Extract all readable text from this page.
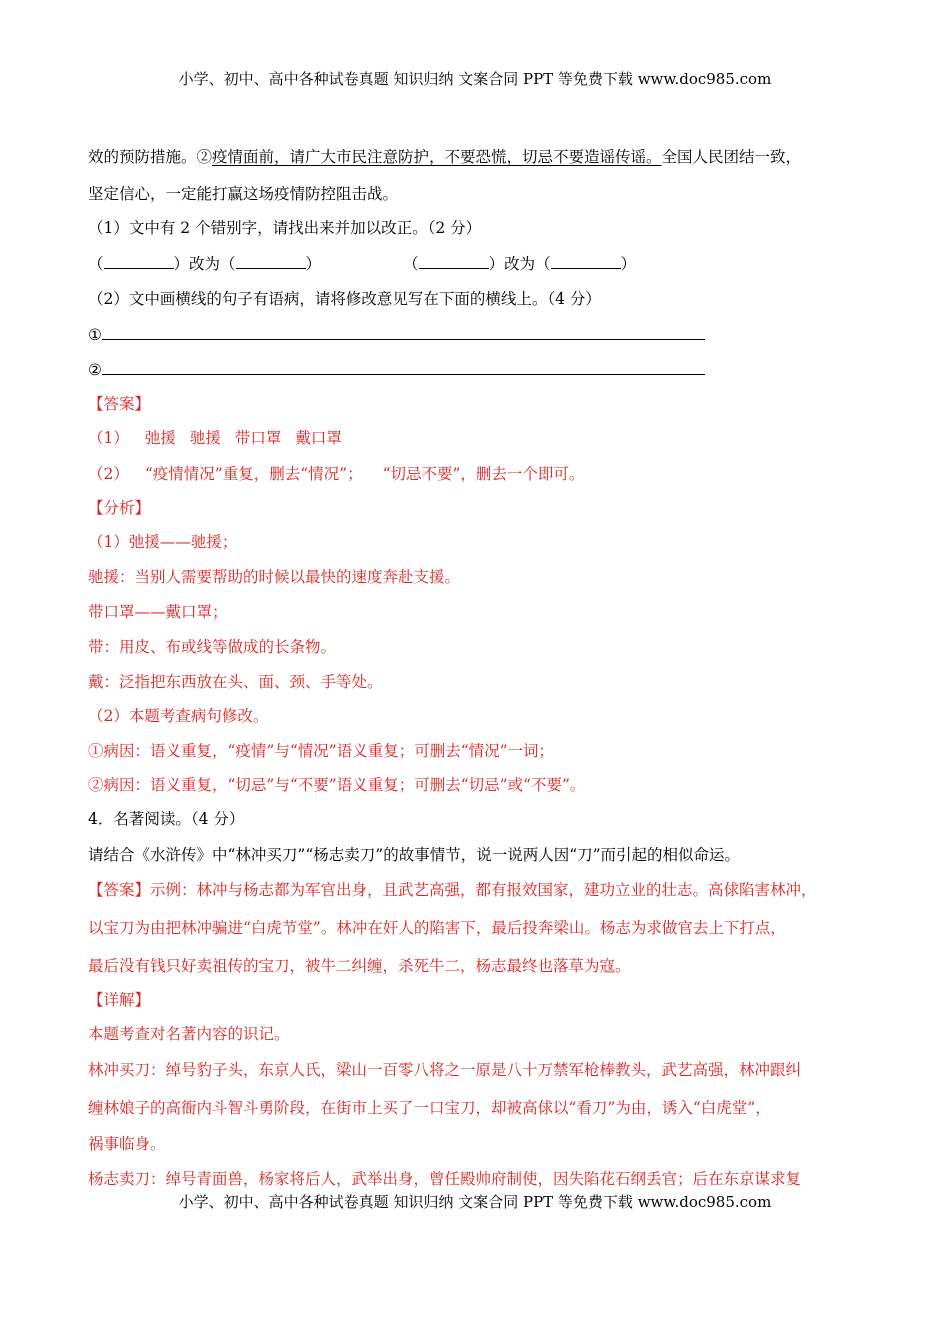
小学、初中、高中各种试卷真题 知识归纳 文案合同 PPT 等免费下载 www.doc985.com
效的预防措施。②疫情面前，请广大市民注意防护，不要恐慌，切忌不要造谣传谣。全国人民团结一致，
坚定信心，一定能打赢这场疫情防控阻击战。
（1）文中有 2 个错别字，请找出来并加以改正。（2 分）
（	）改为（	）	（	）改为（	）
（2）文中画横线的句子有语病，请将修改意见写在下面的横线上。（4 分）
①
②
【答案】
（1） 弛援 驰援 带口罩 戴口罩
（2） “疫情情况”重复，删去“情况”； “切忌不要”，删去一个即可。
【分析】
（1）弛援——驰援；
驰援：当别人需要帮助的时候以最快的速度奔赴支援。
带口罩——戴口罩；
带：用皮、布或线等做成的长条物。
戴：泛指把东西放在头、面、颈、手等处。
（2）本题考查病句修改。
①病因：语义重复，“疫情”与“情况”语义重复；可删去“情况”一词；
②病因：语义重复，“切忌”与“不要”语义重复；可删去“切忌”或“不要”。
4．名著阅读。（4 分）
请结合《水浒传》中“林冲买刀”“杨志卖刀”的故事情节，说一说两人因“刀”而引起的相似命运。
【答案】示例：林冲与杨志都为军官出身，且武艺高强，都有报效国家，建功立业的壮志。高俅陷害林冲，
以宝刀为由把林冲骗进“白虎节堂”。林冲在奸人的陷害下，最后投奔梁山。杨志为求做官去上下打点，
最后没有钱只好卖祖传的宝刀，被牛二纠缠，杀死牛二，杨志最终也落草为寇。
【详解】
本题考查对名著内容的识记。
林冲买刀：绰号豹子头，东京人氏，梁山一百零八将之一原是八十万禁军枪棒教头，武艺高强，林冲跟纠
缠林娘子的高衙内斗智斗勇阶段，在街市上买了一口宝刀，却被高俅以“看刀”为由，诱入“白虎堂”，
祸事临身。
杨志卖刀：绰号青面兽，杨家将后人，武举出身，曾任殿帅府制使，因失陷花石纲丢官；后在东京谋求复
小学、初中、高中各种试卷真题 知识归纳 文案合同 PPT 等免费下载 www.doc985.com
